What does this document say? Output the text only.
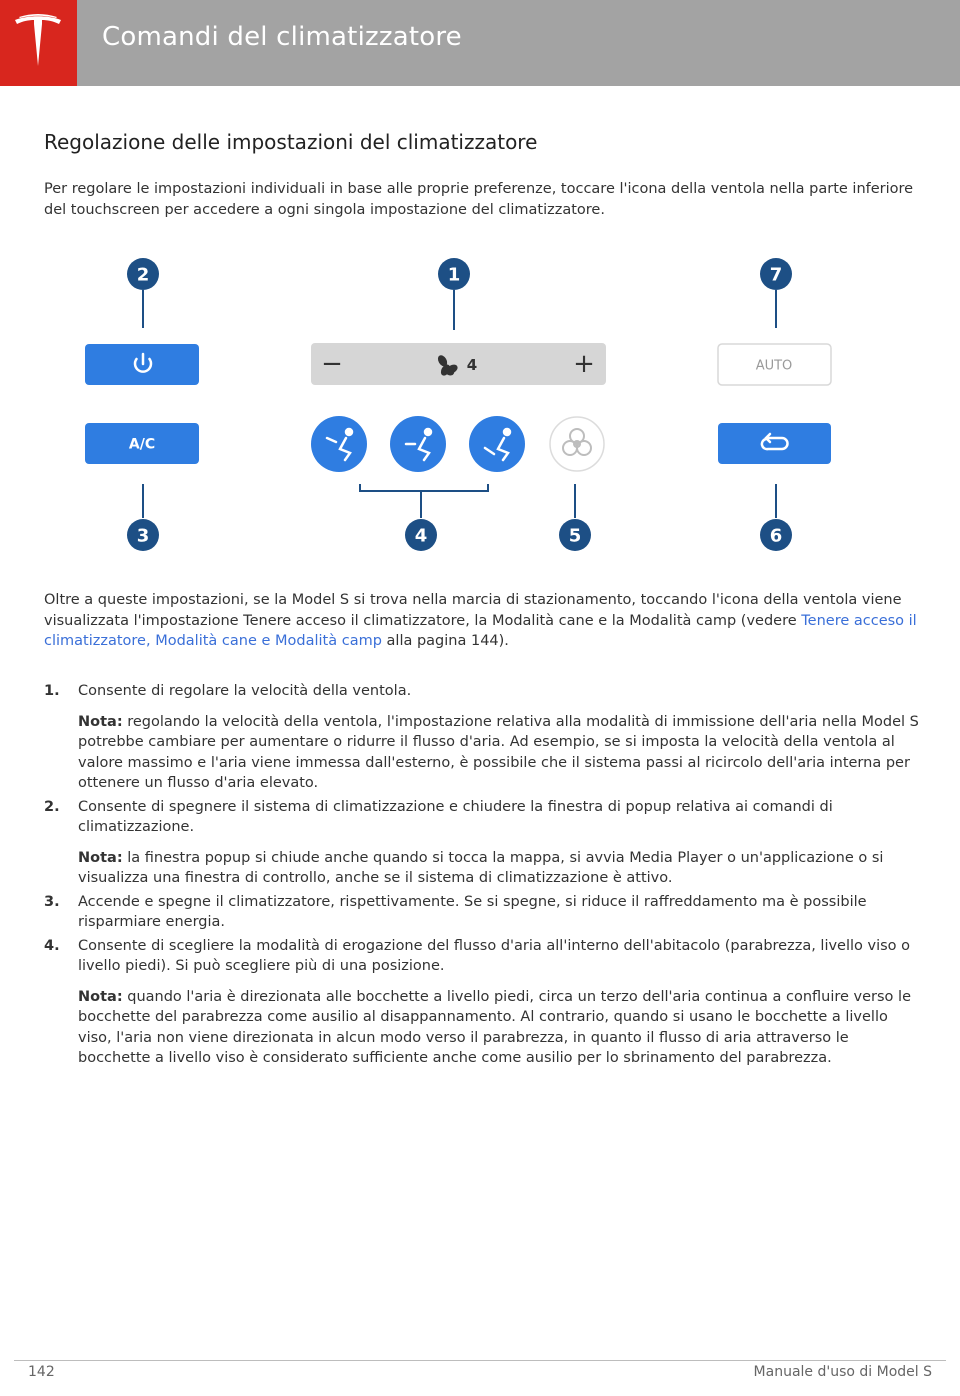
Comandi del climatizzatore
Regolazione delle impostazioni del climatizzatore
Per regolare le impostazioni individuali in base alle proprie preferenze, toccare l'icona della ventola nella parte inferiore del touchscreen per accedere a ogni singola impostazione del climatizzatore.
2	1	7
3	4	5	6
A/C
−	+
4	AUTO
Oltre a queste impostazioni, se la Model S si trova nella marcia di stazionamento, toccando l'icona della ventola viene visualizzata l'impostazione Tenere acceso il climatizzatore, la Modalità cane e la Modalità camp (vedere Tenere acceso il climatizzatore, Modalità cane e Modalità camp alla pagina 144).
1. Consente di regolare la velocità della ventola.
Nota: regolando la velocità della ventola, l'impostazione relativa alla modalità di immissione dell'aria nella Model S potrebbe cambiare per aumentare o ridurre il flusso d'aria. Ad esempio, se si imposta la velocità della ventola al valore massimo e l'aria viene immessa dall'esterno, è possibile che il sistema passi al ricircolo dell'aria interna per ottenere un flusso d'aria elevato.
2. Consente di spegnere il sistema di climatizzazione e chiudere la finestra di popup relativa ai comandi di climatizzazione.
Nota: la finestra popup si chiude anche quando si tocca la mappa, si avvia Media Player o un'applicazione o si visualizza una finestra di controllo, anche se il sistema di climatizzazione è attivo.
3. Accende e spegne il climatizzatore, rispettivamente. Se si spegne, si riduce il raffreddamento ma è possibile risparmiare energia.
4. Consente di scegliere la modalità di erogazione del flusso d'aria all'interno dell'abitacolo (parabrezza, livello viso o livello piedi). Si può scegliere più di una posizione.
Nota: quando l'aria è direzionata alle bocchette a livello piedi, circa un terzo dell'aria continua a confluire verso le bocchette del parabrezza come ausilio al disappannamento. Al contrario, quando si usano le bocchette a livello viso, l'aria non viene direzionata in alcun modo verso il parabrezza, in quanto il flusso di aria attraverso le bocchette a livello viso è considerato sufficiente anche come ausilio per lo sbrinamento del parabrezza.
142	Manuale d'uso di Model S
